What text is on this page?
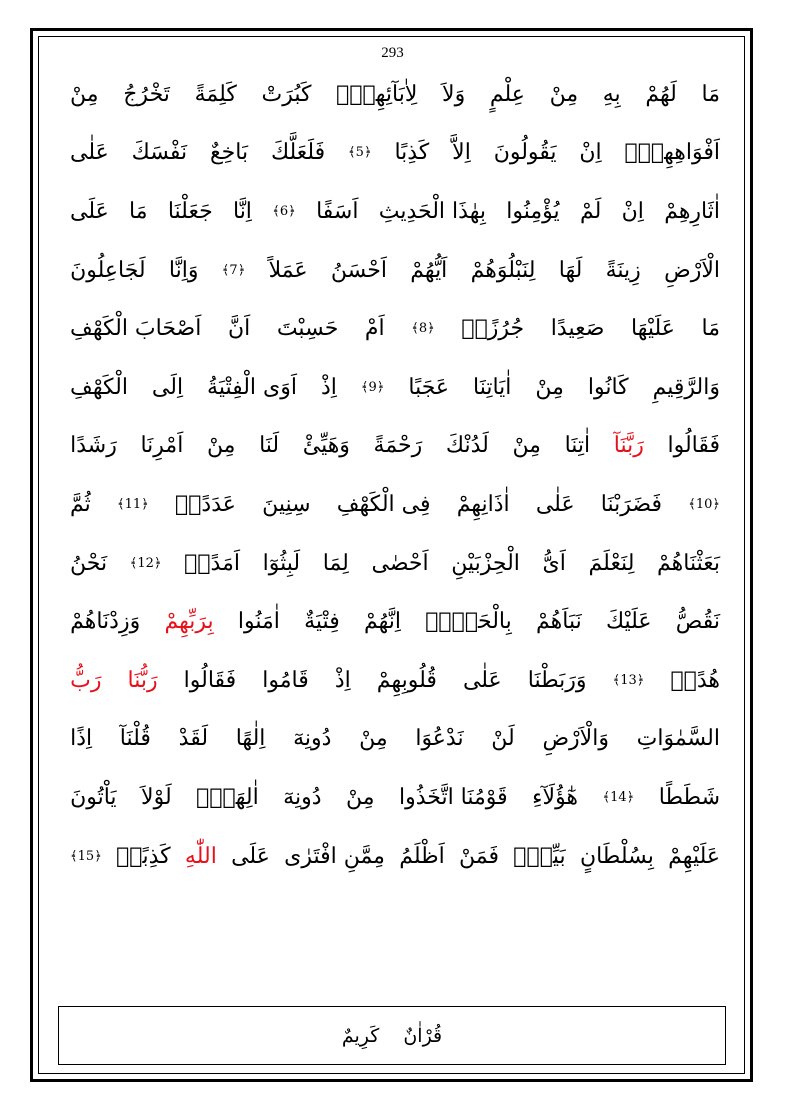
293
مَا
لَهُمْ
بِهِ
مِنْ
عِلْمٍ
وَلاَ
لِاٰبَآئِهِمْۜ
كَبُرَتْ
كَلِمَةً
تَخْرُجُ
مِنْ
اَفْوَاهِهِمْۜ
اِنْ
يَقُولُونَ
اِلاَّ
كَذِبًا
﴿5﴾
فَلَعَلَّكَ
بَاخِعٌ
نَفْسَكَ
عَلٰى
اٰثَارِهِمْ
اِنْ
لَمْ
يُؤْمِنُوا
بِهٰذَا الْحَدِيثِ
اَسَفًا
﴿6﴾
اِنَّا
جَعَلْنَا
مَا
عَلَى
الْاَرْضِ
زِينَةً
لَهَا
لِنَبْلُوَهُمْ
اَيُّهُمْ
اَحْسَنُ
عَمَلاً
﴿7﴾
وَاِنَّا
لَجَاعِلُونَ
مَا
عَلَيْهَا
صَعِيدًا
جُرُزًاۜ
﴿8﴾
اَمْ
حَسِبْتَ
اَنَّ
اَصْحَابَ الْكَهْفِ
وَالرَّقِيمِ
كَانُوا
مِنْ
اٰيَاتِنَا
عَجَبًا
﴿9﴾
اِذْ
اَوَى الْفِتْيَةُ
اِلَى
الْكَهْفِ
فَقَالُوا
رَبَّنَآ
اٰتِنَا
مِنْ
لَدُنْكَ
رَحْمَةً
وَهَيِّئْ
لَنَا
مِنْ
اَمْرِنَا
رَشَدًا
﴿10﴾
فَضَرَبْنَا
عَلٰى
اٰذَانِهِمْ
فِى الْكَهْفِ
سِنِينَ
عَدَدًاۙ
﴿11﴾
ثُمَّ
بَعَثْنَاهُمْ
لِنَعْلَمَ
اَىُّ
الْحِزْبَيْنِ
اَحْصٰى
لِمَا
لَبِثُوٓا
اَمَدًاۚ
﴿12﴾
نَحْنُ
نَقُصُّ
عَلَيْكَ
نَبَاَهُمْ
بِالْحَقِّۜ
اِنَّهُمْ
فِتْيَةٌ
اٰمَنُوا
بِرَبِّهِمْ
وَزِدْنَاهُمْ
هُدًىۗ
﴿13﴾
وَرَبَطْنَا
عَلٰى
قُلُوبِهِمْ
اِذْ
قَامُوا
فَقَالُوا
رَبُّنَا
رَبُّ
السَّمٰوَاتِ
وَالْاَرْضِ
لَنْ
نَدْعُوَا
مِنْ
دُونِهٓ
اِلٰهًا
لَقَدْ
قُلْنَآ
اِذًا
شَطَطًا
﴿14﴾
هٰٓؤُلَآءِ
قَوْمُنَا اتَّخَذُوا
مِنْ
دُونِهٓ
اٰلِهَةًۜ
لَوْلاَ
يَاْتُونَ
عَلَيْهِمْ
بِسُلْطَانٍ
بَيِّنٍۜ
فَمَنْ
اَظْلَمُ
مِمَّنِ افْتَرٰى
عَلَى
اللّٰهِ
كَذِبًاۜ
﴿15﴾
قُرْاٰنٌ كَرِيمٌ
